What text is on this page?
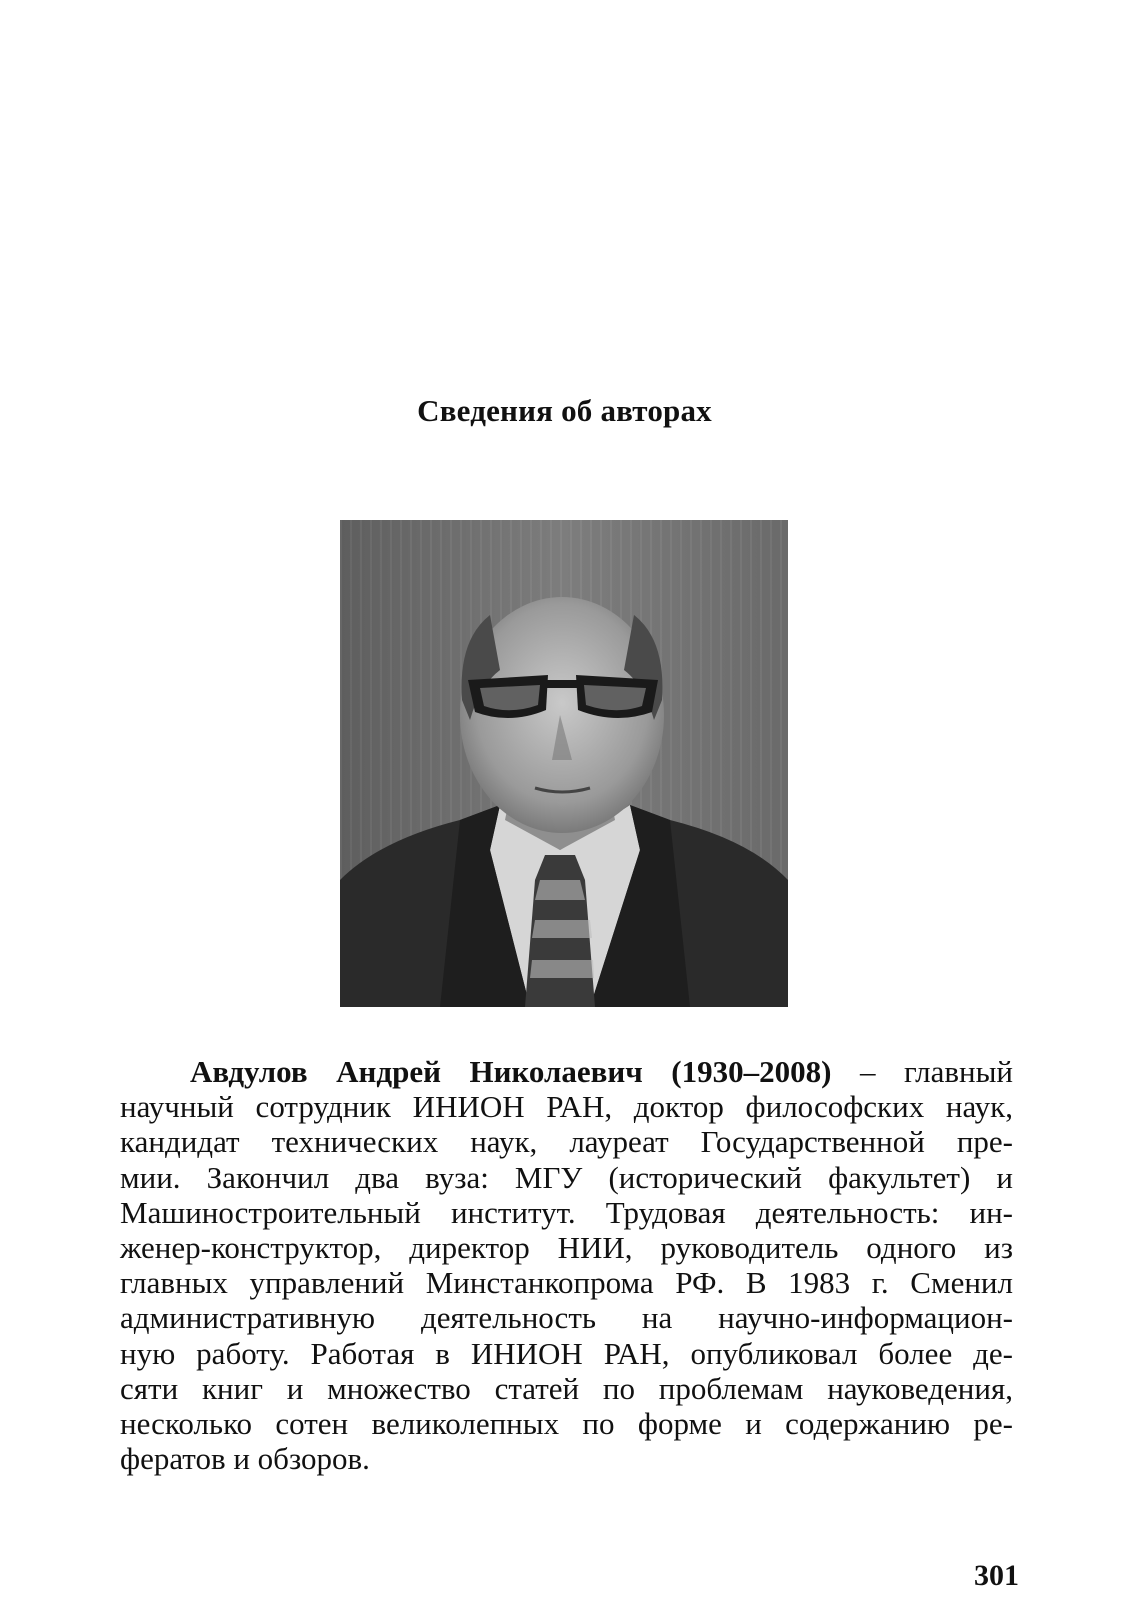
Сведения об авторах
Авдулов Андрей Николаевич (1930–2008) – главный
научный сотрудник ИНИОН РАН, доктор философских наук,
кандидат технических наук, лауреат Государственной пре-
мии. Закончил два вуза: МГУ (исторический факультет) и
Машиностроительный институт. Трудовая деятельность: ин-
женер-конструктор, директор НИИ, руководитель одного из
главных управлений Минстанкопрома РФ. В 1983 г. Сменил
административную деятельность на научно-информацион-
ную работу. Работая в ИНИОН РАН, опубликовал более де-
сяти книг и множество статей по проблемам науковедения,
несколько сотен великолепных по форме и содержанию ре-
фератов и обзоров.
301
